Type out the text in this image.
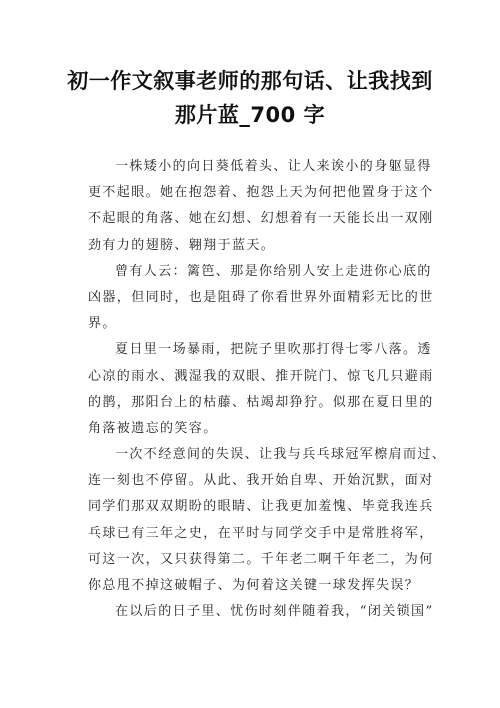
初一作文叙事老师的那句话、让我找到
那片蓝_700 字
一株矮小的向日葵低着头、让人来诶小的身躯显得
更不起眼。她在抱怨着、抱怨上天为何把他置身于这个
不起眼的角落、她在幻想、幻想着有一天能长出一双刚
劲有力的翅膀、翱翔于蓝天。
曾有人云：篱笆、那是你给别人安上走进你心底的
凶器，但同时，也是阻碍了你看世界外面精彩无比的世
界。
夏日里一场暴雨，把院子里吹那打得七零八落。透
心凉的雨水、溅湿我的双眼、推开院门、惊飞几只避雨
的鹊，那阳台上的枯藤、枯竭却狰狞。似那在夏日里的
角落被遗忘的笑容。
一次不经意间的失误、让我与兵乓球冠军檫肩而过、
连一刻也不停留。从此、我开始自卑、开始沉默，面对
同学们那双双期盼的眼睛、让我更加羞愧、毕竟我连兵
乓球已有三年之史，在平时与同学交手中是常胜将军，
可这一次，又只获得第二。千年老二啊千年老二，为何
你总甩不掉这破帽子、为何着这关键一球发挥失误？
在以后的日子里、忧伤时刻伴随着我，“闭关锁国”
